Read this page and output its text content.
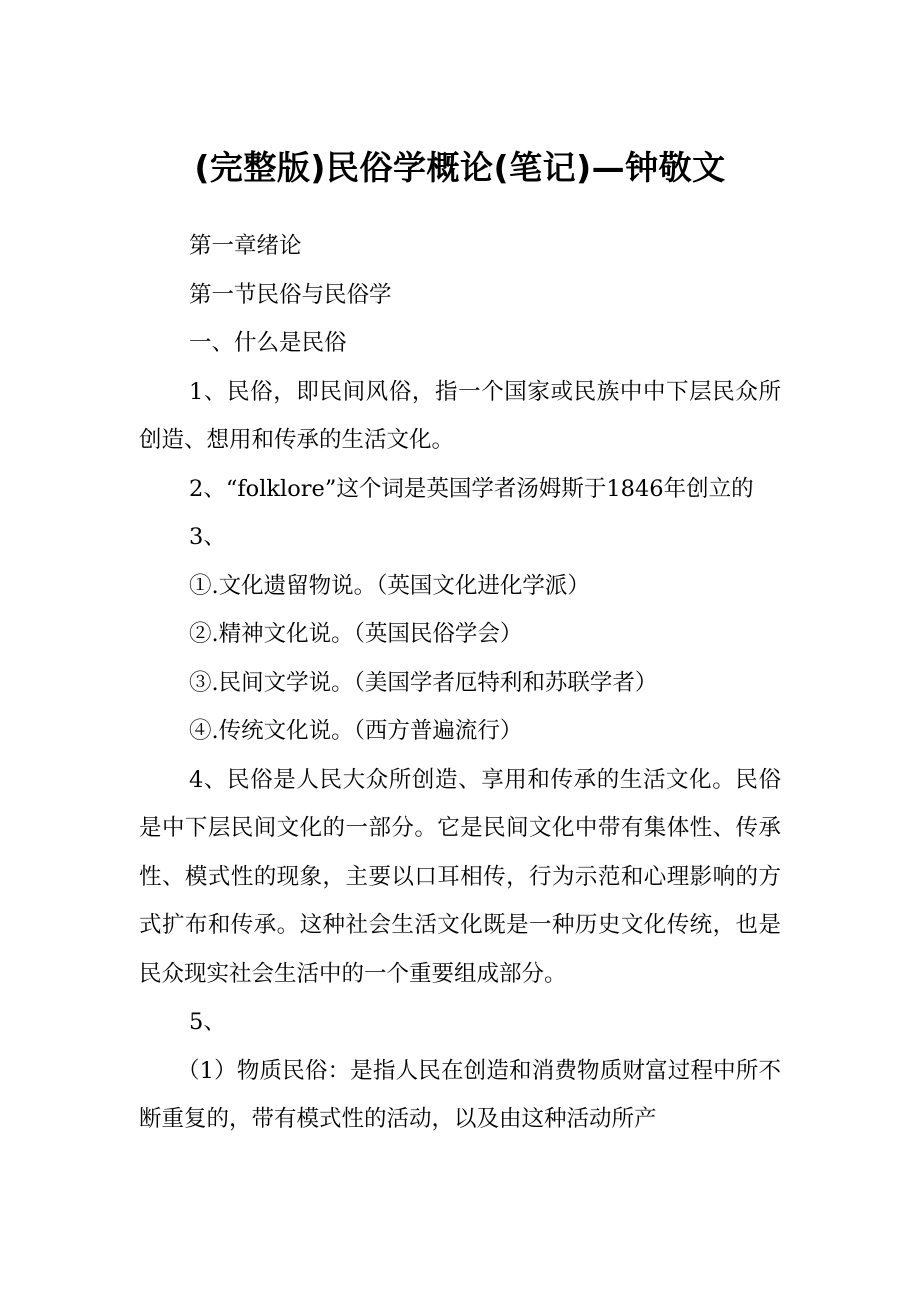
(完整版)民俗学概论(笔记)—钟敬文

第一章绪论

第一节民俗与民俗学

一、什么是民俗

1、民俗，即民间风俗，指一个国家或民族中中下层民众所创造、想用和传承的生活文化。

2、“folklore”这个词是英国学者汤姆斯于1846年创立的

3、

①.文化遗留物说。（英国文化进化学派）

②.精神文化说。（英国民俗学会）

③.民间文学说。（美国学者厄特利和苏联学者）

④.传统文化说。（西方普遍流行）

4、民俗是人民大众所创造、享用和传承的生活文化。民俗是中下层民间文化的一部分。它是民间文化中带有集体性、传承性、模式性的现象，主要以口耳相传，行为示范和心理影响的方式扩布和传承。这种社会生活文化既是一种历史文化传统，也是民众现实社会生活中的一个重要组成部分。

5、

（1）物质民俗：是指人民在创造和消费物质财富过程中所不断重复的，带有模式性的活动，以及由这种活动所产
